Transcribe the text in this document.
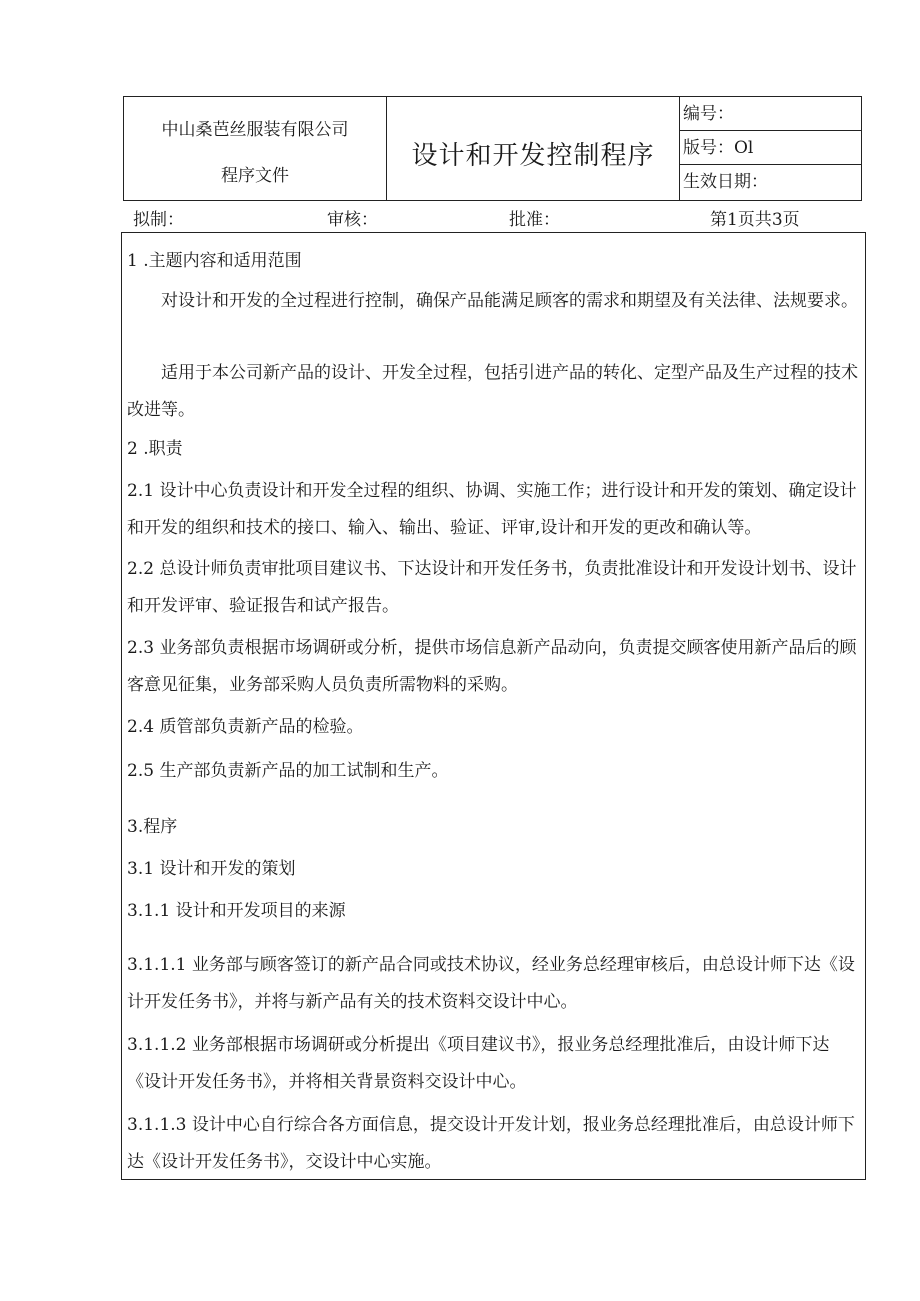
中山桑芭丝服装有限公司
程序文件
设计和开发控制程序
编号：
版号：Ol
生效日期：
拟制：	审核：	批准：	第1页共3页

1 .主题内容和适用范围

对设计和开发的全过程进行控制，确保产品能满足顾客的需求和期望及有关法律、法规要求。

适用于本公司新产品的设计、开发全过程，包括引进产品的转化、定型产品及生产过程的技术改进等。

2 .职责

2.1 设计中心负责设计和开发全过程的组织、协调、实施工作；进行设计和开发的策划、确定设计和开发的组织和技术的接口、输入、输出、验证、评审,设计和开发的更改和确认等。

2.2 总设计师负责审批项目建议书、下达设计和开发任务书，负责批准设计和开发设计划书、设计和开发评审、验证报告和试产报告。

2.3 业务部负责根据市场调研或分析，提供市场信息新产品动向，负责提交顾客使用新产品后的顾客意见征集，业务部采购人员负责所需物料的采购。

2.4 质管部负责新产品的检验。

2.5 生产部负责新产品的加工试制和生产。

3.程序

3.1 设计和开发的策划

3.1.1 设计和开发项目的来源

3.1.1.1 业务部与顾客签订的新产品合同或技术协议，经业务总经理审核后，由总设计师下达《设计开发任务书》，并将与新产品有关的技术资料交设计中心。

3.1.1.2 业务部根据市场调研或分析提出《项目建议书》，报业务总经理批准后，由设计师下达《设计开发任务书》，并将相关背景资料交设计中心。

3.1.1.3 设计中心自行综合各方面信息，提交设计开发计划，报业务总经理批准后，由总设计师下达《设计开发任务书》，交设计中心实施。
